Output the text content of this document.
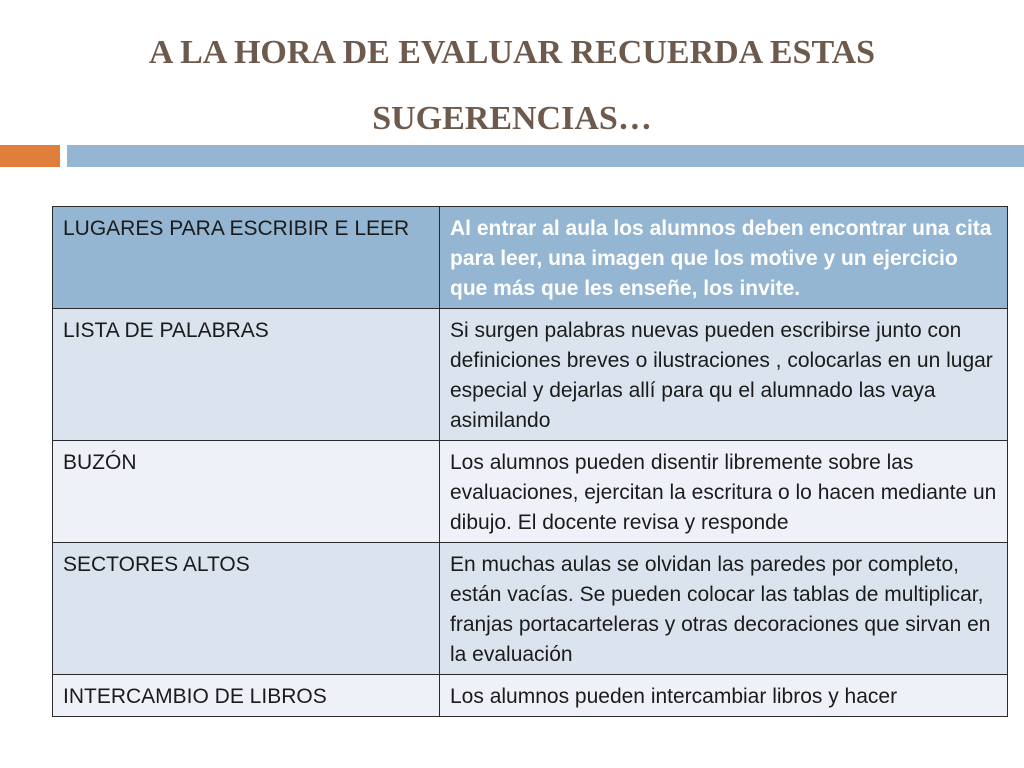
A LA HORA DE EVALUAR RECUERDA ESTAS
SUGERENCIAS…
LUGARES PARA ESCRIBIR E LEER	Al entrar al aula los alumnos deben encontrar una cita para leer, una imagen que los motive y un ejercicio que más que les enseñe, los invite.
LISTA DE PALABRAS	Si surgen palabras nuevas pueden escribirse junto con definiciones breves o ilustraciones , colocarlas en un lugar especial y dejarlas allí para qu el alumnado las vaya asimilando
BUZÓN	Los alumnos pueden disentir libremente sobre las evaluaciones, ejercitan la escritura o lo hacen mediante un dibujo. El docente revisa y responde
SECTORES ALTOS	En muchas aulas se olvidan las paredes por completo, están vacías. Se pueden colocar las tablas de multiplicar, franjas portacarteleras y otras decoraciones que sirvan en la evaluación
INTERCAMBIO DE LIBROS	Los alumnos pueden intercambiar libros y hacer
